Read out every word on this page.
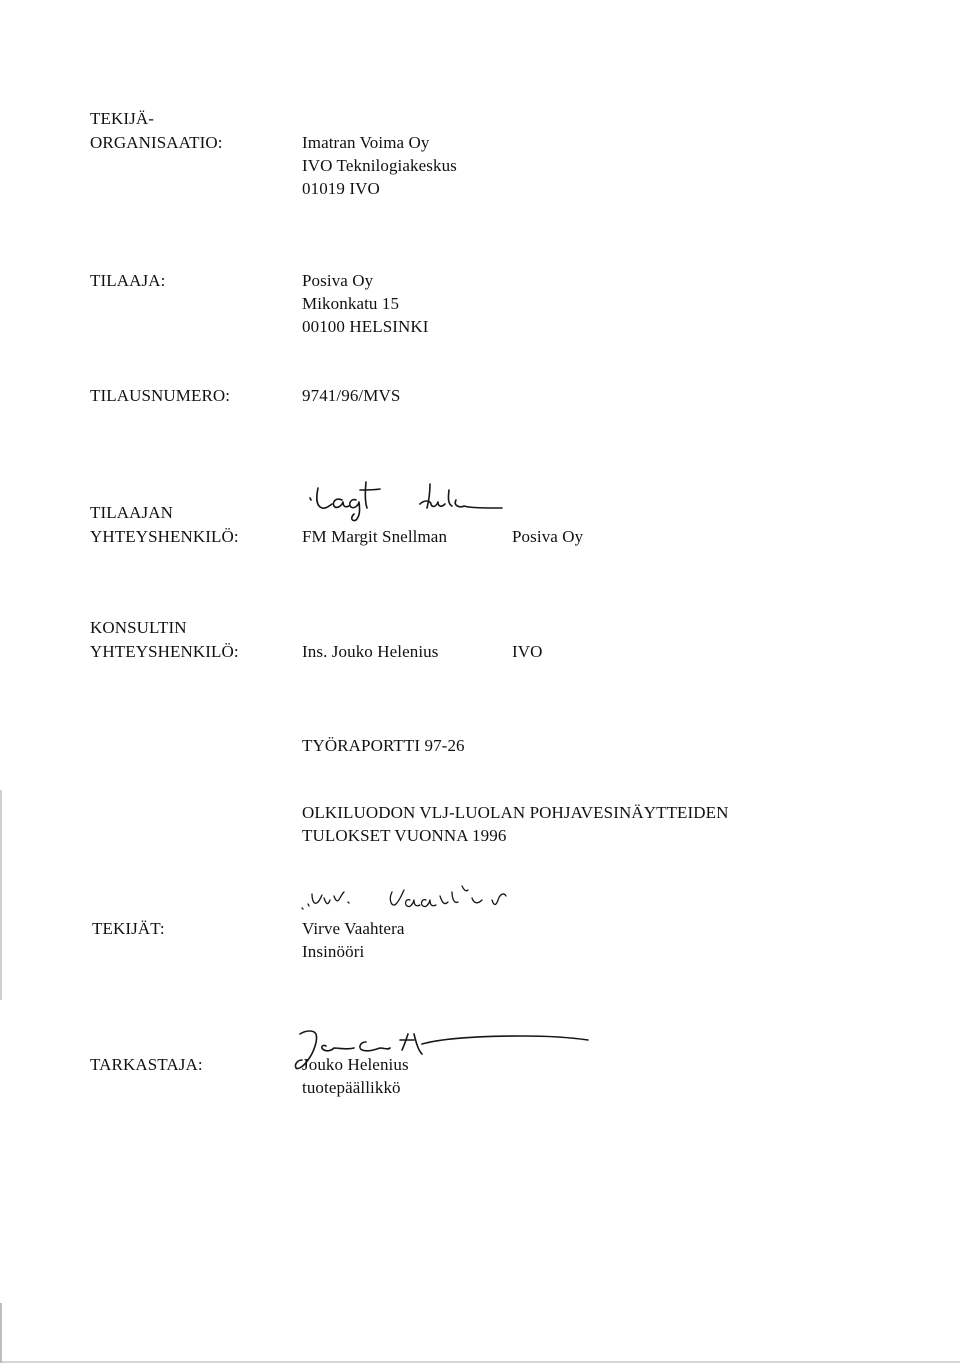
TEKIJÄ-
ORGANISAATIO:	Imatran Voima Oy
IVO Teknilogiakeskus
01019 IVO
TILAAJA:	Posiva Oy
Mikonkatu 15
00100 HELSINKI
TILAUSNUMERO:	9741/96/MVS
TILAAJAN
YHTEYSHENKILÖ:	FM Margit Snellman	Posiva Oy
KONSULTIN
YHTEYSHENKILÖ:	Ins. Jouko Helenius	IVO
TYÖRAPORTTI 97-26
OLKILUODON VLJ-LUOLAN POHJAVESINÄYTTEIDEN
TULOKSET VUONNA 1996
TEKIJÄT:	Virve Vaahtera
Insinööri
TARKASTAJA:	Jouko Helenius
tuotepäällikkö
